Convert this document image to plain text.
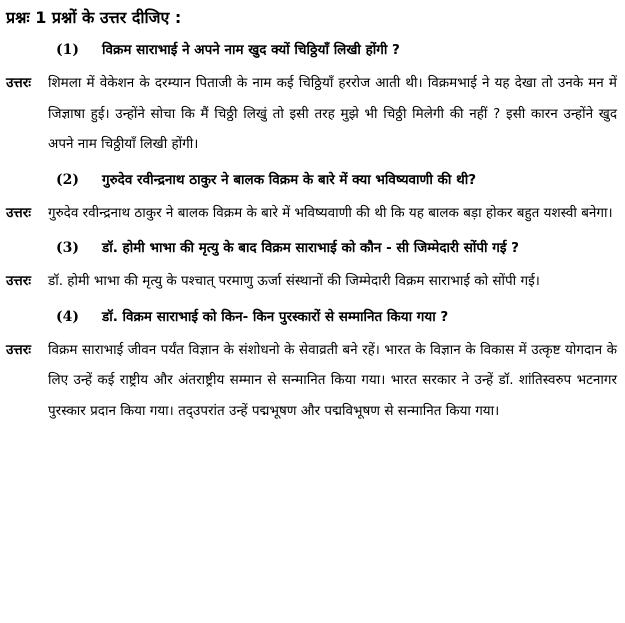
प्रश्नः 1 प्रश्नों के उत्तर दीजिए :
(1)	विक्रम साराभाई ने अपने नाम खुद क्यों चिठ्ठियाँ लिखी होंगी ?
उत्तरः	शिमला में वेकेशन के दरम्यान पिताजी के नाम कई चिठ्ठियाँ हररोज आती थी। विक्रमभाई ने यह देखा तो उनके मन में जिज्ञाषा हुई। उन्होंने सोचा कि मैं चिठ्ठी लिखुं तो इसी तरह मुझे भी चिठ्ठी मिलेगी की नहीं ? इसी कारन उन्होंने खुद अपने नाम चिठ्ठीयाँ लिखी होंगी।
(2)	गुरुदेव रवीन्द्रनाथ ठाकुर ने बालक विक्रम के बारे में क्या भविष्यवाणी की थी?
उत्तरः	गुरुदेव रवीन्द्रनाथ ठाकुर ने बालक विक्रम के बारे में भविष्यवाणी की थी कि यह बालक बड़ा होकर बहुत यशस्वी बनेगा।
(3)	डॉ. होमी भाभा की मृत्यु के बाद विक्रम साराभाई को कौन - सी जिम्मेदारी सोंपी गई ?
उत्तरः	डॉ. होमी भाभा की मृत्यु के पश्चात् परमाणु ऊर्जा संस्थानों की जिम्मेदारी विक्रम साराभाई को सोंपी गई।
(4)	डॉ. विक्रम साराभाई को किन- किन पुरस्कारों से सम्मानित किया गया ?
उत्तरः	विक्रम साराभाई जीवन पर्यंत विज्ञान के संशोधनो के सेवाव्रती बने रहें। भारत के विज्ञान के विकास में उत्कृष्ट योगदान के लिए उन्हें कई राष्ट्रीय और अंतराष्ट्रीय सम्मान से सन्मानित किया गया। भारत सरकार ने उन्हें डॉ. शांतिस्वरुप भटनागर पुरस्कार प्रदान किया गया। तद्उपरांत उन्हें पद्मभूषण और पद्मविभूषण से सन्मानित किया गया।
